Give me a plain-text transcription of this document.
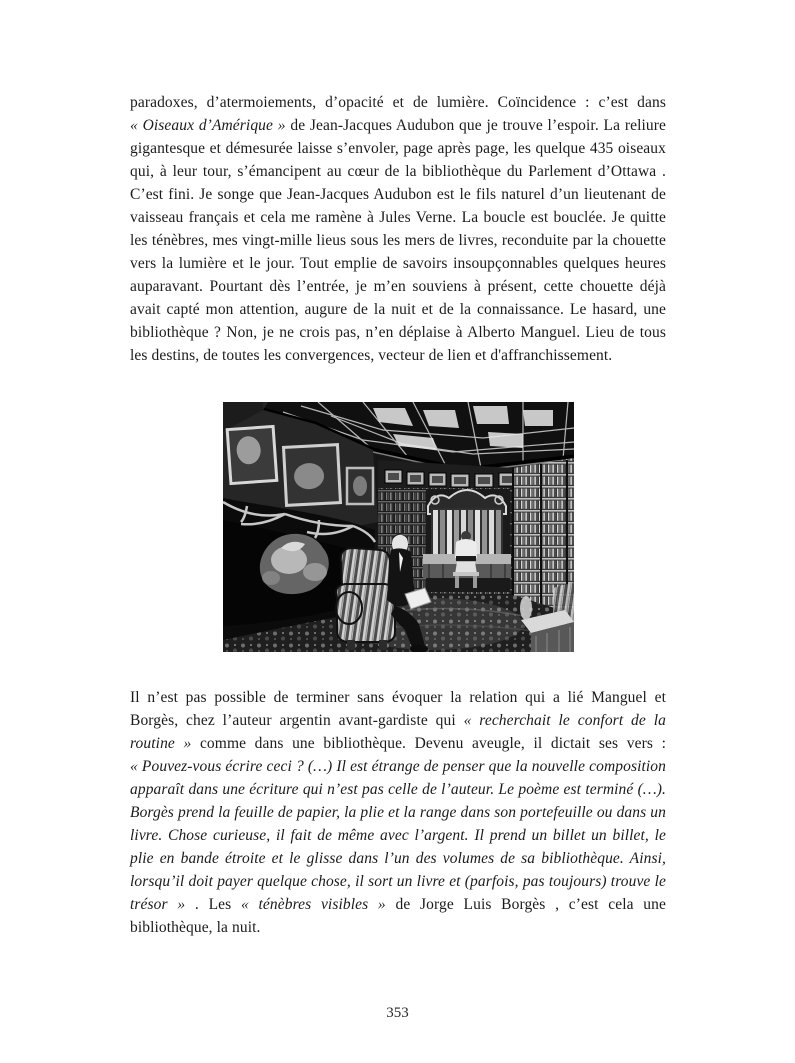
paradoxes, d’atermoiements, d’opacité et de lumière. Coïncidence : c’est dans « Oiseaux d’Amérique » de Jean-Jacques Audubon que je trouve l’espoir. La reliure gigantesque et démesurée laisse s’envoler, page après page, les quelque 435 oiseaux qui, à leur tour, s’émancipent au cœur de la bibliothèque du Parlement d’Ottawa . C’est fini. Je songe que Jean-Jacques Audubon est le fils naturel d’un lieutenant de vaisseau français et cela me ramène à Jules Verne. La boucle est bouclée. Je quitte les ténèbres, mes vingt-mille lieus sous les mers de livres, reconduite par la chouette vers la lumière et le jour. Tout emplie de savoirs insoupçonnables quelques heures auparavant. Pourtant dès l’entrée, je m’en souviens à présent, cette chouette déjà avait capté mon attention, augure de la nuit et de la connaissance. Le hasard, une bibliothèque ? Non, je ne crois pas, n’en déplaise à Alberto Manguel. Lieu de tous les destins, de toutes les convergences, vecteur de lien et d'affranchissement.
Il n’est pas possible de terminer sans évoquer la relation qui a lié Manguel et Borgès, chez l’auteur argentin avant-gardiste qui « recherchait le confort de la routine » comme dans une bibliothèque. Devenu aveugle, il dictait ses vers : « Pouvez-vous écrire ceci ? (…) Il est étrange de penser que la nouvelle composition apparaît dans une écriture qui n’est pas celle de l’auteur. Le poème est terminé (…). Borgès prend la feuille de papier, la plie et la range dans son portefeuille ou dans un livre. Chose curieuse, il fait de même avec l’argent. Il prend un billet un billet, le plie en bande étroite et le glisse dans l’un des volumes de sa bibliothèque. Ainsi, lorsqu’il doit payer quelque chose, il sort un livre et (parfois, pas toujours) trouve le trésor » . Les « ténèbres visibles » de Jorge Luis Borgès , c’est cela une bibliothèque, la nuit.
353
